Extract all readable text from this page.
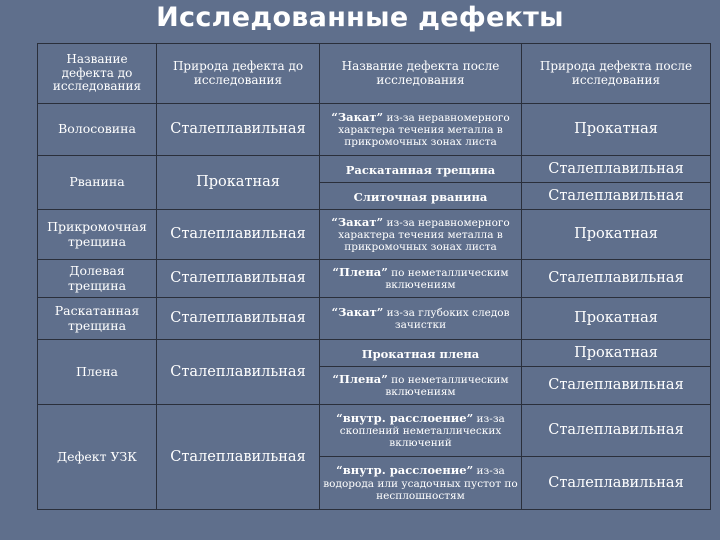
Исследованные дефекты
Название дефекта до исследования	Природа дефекта до исследования	Название дефекта после исследования	Природа дефекта после исследования
Волосовина	Сталеплавильная	“Закат” из-за неравномерного характера течения металла в прикромочных зонах листа	Прокатная
Рванина	Прокатная	Раскатанная трещина	Сталеплавильная
		Слиточная рванина	Сталеплавильная
Прикромочная трещина	Сталеплавильная	“Закат” из-за неравномерного характера течения металла в прикромочных зонах листа	Прокатная
Долевая трещина	Сталеплавильная	“Плена” по неметаллическим включениям	Сталеплавильная
Раскатанная трещина	Сталеплавильная	“Закат” из-за глубоких следов зачистки	Прокатная
Плена	Сталеплавильная	Прокатная плена	Прокатная
		“Плена” по неметаллическим включениям	Сталеплавильная
Дефект УЗК	Сталеплавильная	“внутр. расслоение” из-за скоплений неметаллических включений	Сталеплавильная
		“внутр. расслоение” из-за водорода или усадочных пустот по несплошностям	Сталеплавильная
